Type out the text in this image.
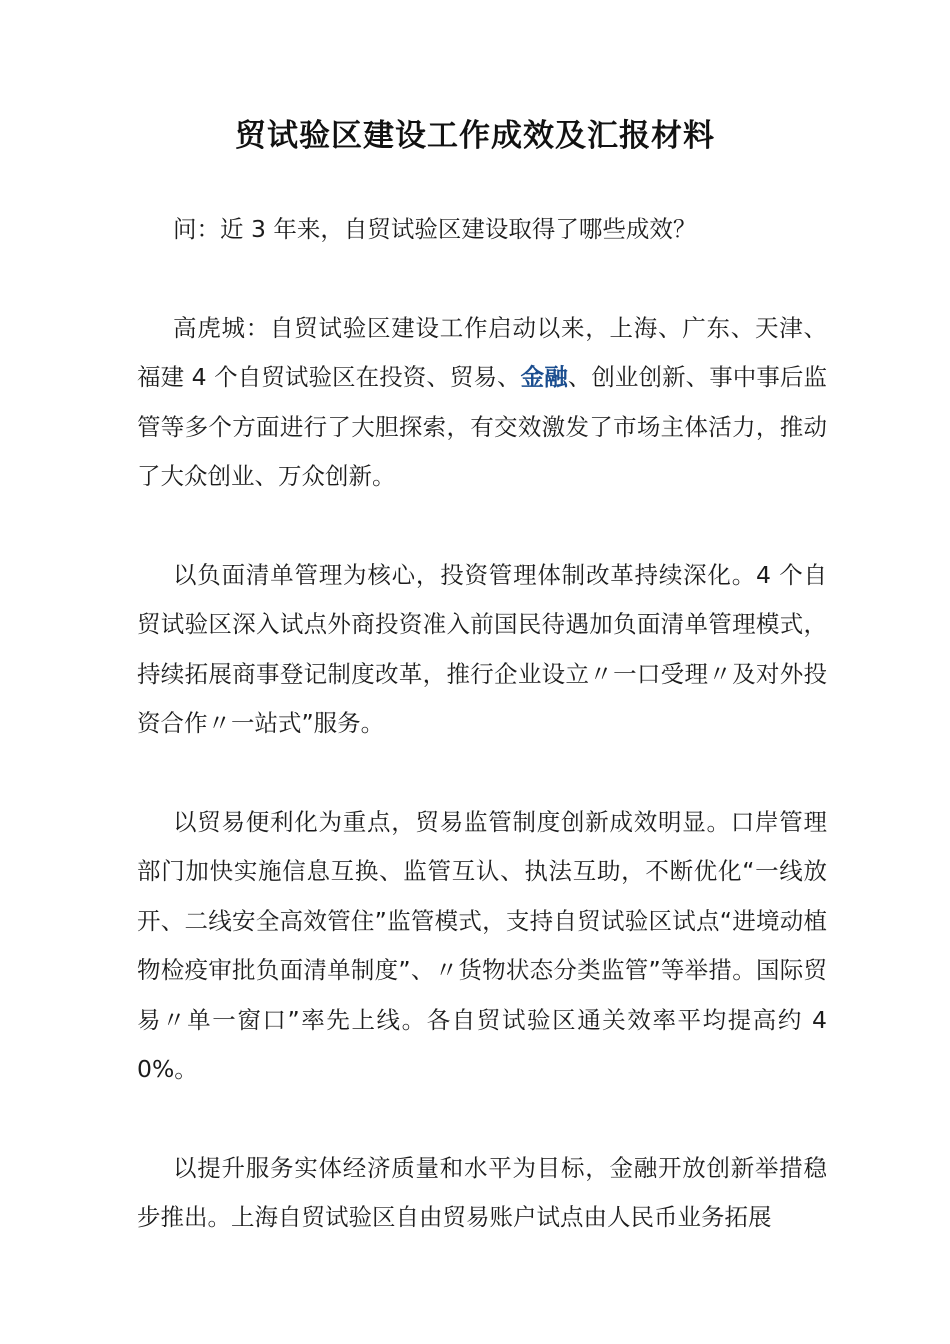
贸试验区建设工作成效及汇报材料

问：近 3 年来，自贸试验区建设取得了哪些成效？

高虎城：自贸试验区建设工作启动以来，上海、广东、天津、福建 4 个自贸试验区在投资、贸易、金融、创业创新、事中事后监管等多个方面进行了大胆探索，有交效激发了市场主体活力，推动了大众创业、万众创新。

以负面清单管理为核心，投资管理体制改革持续深化。4 个自贸试验区深入试点外商投资准入前国民待遇加负面清单管理模式，持续拓展商事登记制度改革，推行企业设立〃一口受理〃及对外投资合作〃一站式”服务。

以贸易便利化为重点，贸易监管制度创新成效明显。口岸管理部门加快实施信息互换、监管互认、执法互助，不断优化“一线放开、二线安全高效管住”监管模式，支持自贸试验区试点“进境动植物检疫审批负面清单制度”、〃货物状态分类监管”等举措。国际贸易〃单一窗口”率先上线。各自贸试验区通关效率平均提高约 40%。

以提升服务实体经济质量和水平为目标，金融开放创新举措稳步推出。上海自贸试验区自由贸易账户试点由人民币业务拓展
